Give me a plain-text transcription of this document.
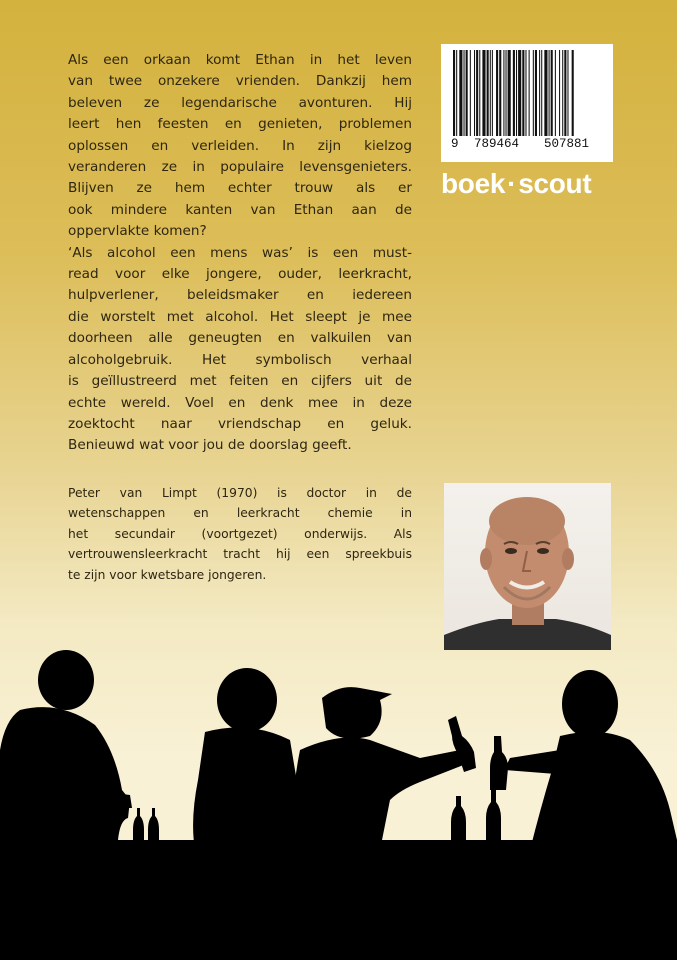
Als een orkaan komt Ethan in het leven
van twee onzekere vrienden. Dankzij hem
beleven ze legendarische avonturen. Hij
leert hen feesten en genieten, problemen
oplossen en verleiden. In zijn kielzog
veranderen ze in populaire levensgenieters.
Blijven ze hem echter trouw als er
ook mindere kanten van Ethan aan de
oppervlakte komen?
‘Als alcohol een mens was’ is een must-
read voor elke jongere, ouder, leerkracht,
hulpverlener, beleidsmaker en iedereen
die worstelt met alcohol. Het sleept je mee
doorheen alle geneugten en valkuilen van
alcoholgebruik. Het symbolisch verhaal
is geïllustreerd met feiten en cijfers uit de
echte wereld. Voel en denk mee in deze
zoektocht naar vriendschap en geluk.
Benieuwd wat voor jou de doorslag geeft.
9 789464 507881
boek·scout
Peter van Limpt (1970) is doctor in de
wetenschappen en leerkracht chemie in
het secundair (voortgezet) onderwijs. Als
vertrouwensleerkracht tracht hij een spreekbuis
te zijn voor kwetsbare jongeren.
